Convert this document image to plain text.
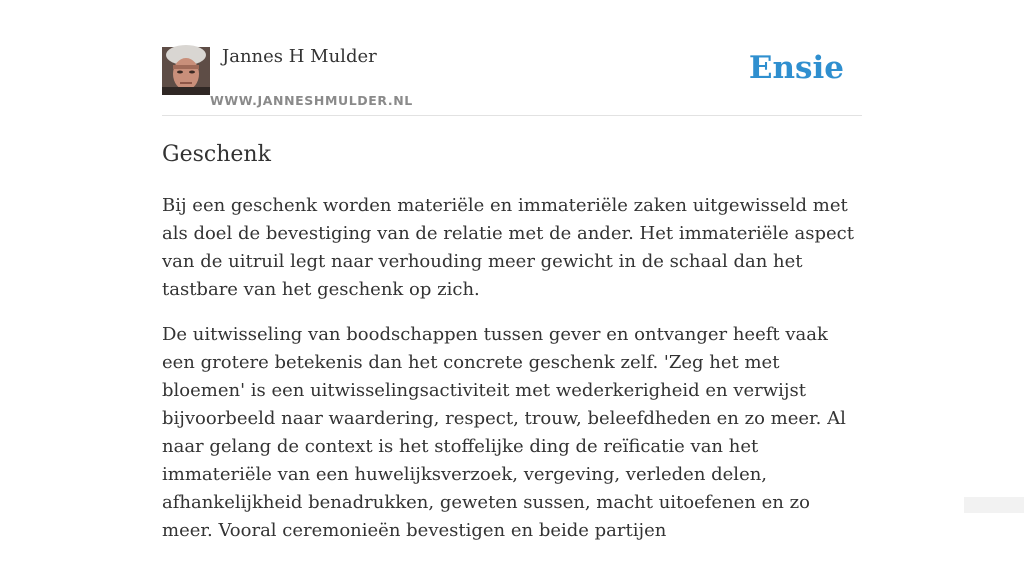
Jannes H Mulder
WWW.JANNESHMULDER.NL
Ensie
Geschenk

Bij een geschenk worden materiële en immateriële zaken uitgewisseld met als doel de bevestiging van de relatie met de ander. Het immateriële aspect van de uitruil legt naar verhouding meer gewicht in de schaal dan het tastbare van het geschenk op zich.

De uitwisseling van boodschappen tussen gever en ontvanger heeft vaak een grotere betekenis dan het concrete geschenk zelf. 'Zeg het met bloemen' is een uitwisselingsactiviteit met wederkerigheid en verwijst bijvoorbeeld naar waardering, respect, trouw, beleefdheden en zo meer. Al naar gelang de context is het stoffelijke ding de reïficatie van het immateriële van een huwelijksverzoek, vergeving, verleden delen, afhankelijkheid benadrukken, geweten sussen, macht uitoefenen en zo meer. Vooral ceremonieën bevestigen en beide partijen
